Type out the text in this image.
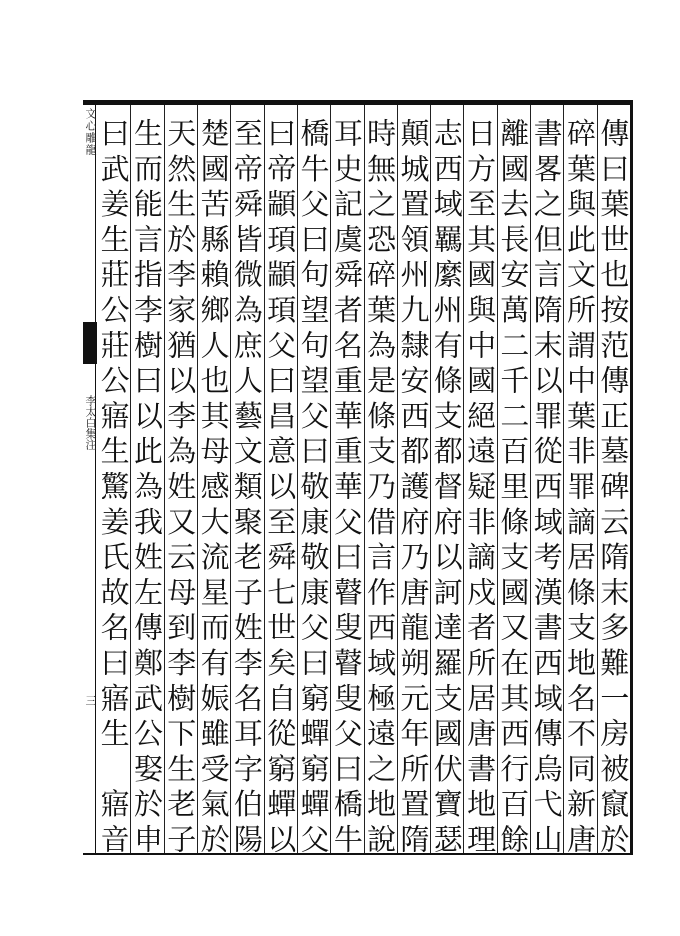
文心雕龍
李太白集注
三	傳曰葉世也按范傳正墓碑云隋末多難一房被竄於
碎葉與此文所謂中葉非罪謫居條支地名不同新唐
書畧之但言隋末以罪從西域考漢書西域傳烏弋山
離國去長安萬二千二百里條支國又在其西行百餘
日方至其國與中國絕遠疑非謫戍者所居唐書地理
志西域羈縻州有條支都督府以訶達羅支國伏寶瑟
顛城置領州九隸安西都護府乃唐龍朔元年所置隋
時無之恐碎葉為是條支乃借言作西域極遠之地說
耳史記虞舜者名重華重華父曰瞽叟瞽叟父曰橋牛
橋牛父曰句望句望父曰敬康敬康父曰窮蟬窮蟬父
曰帝顓頊顓頊父曰昌意以至舜七世矣自從窮蟬以
至帝舜皆微為庶人藝文類聚老子姓李名耳字伯陽
楚國苦縣賴鄉人也其母感大流星而有娠雖受氣於
天然生於李家猶以李為姓又云母到李樹下生老子
生而能言指李樹曰以此為我姓左傳鄭武公娶於申
曰武姜生莊公莊公寤生驚姜氏故名曰寤生　寤音
